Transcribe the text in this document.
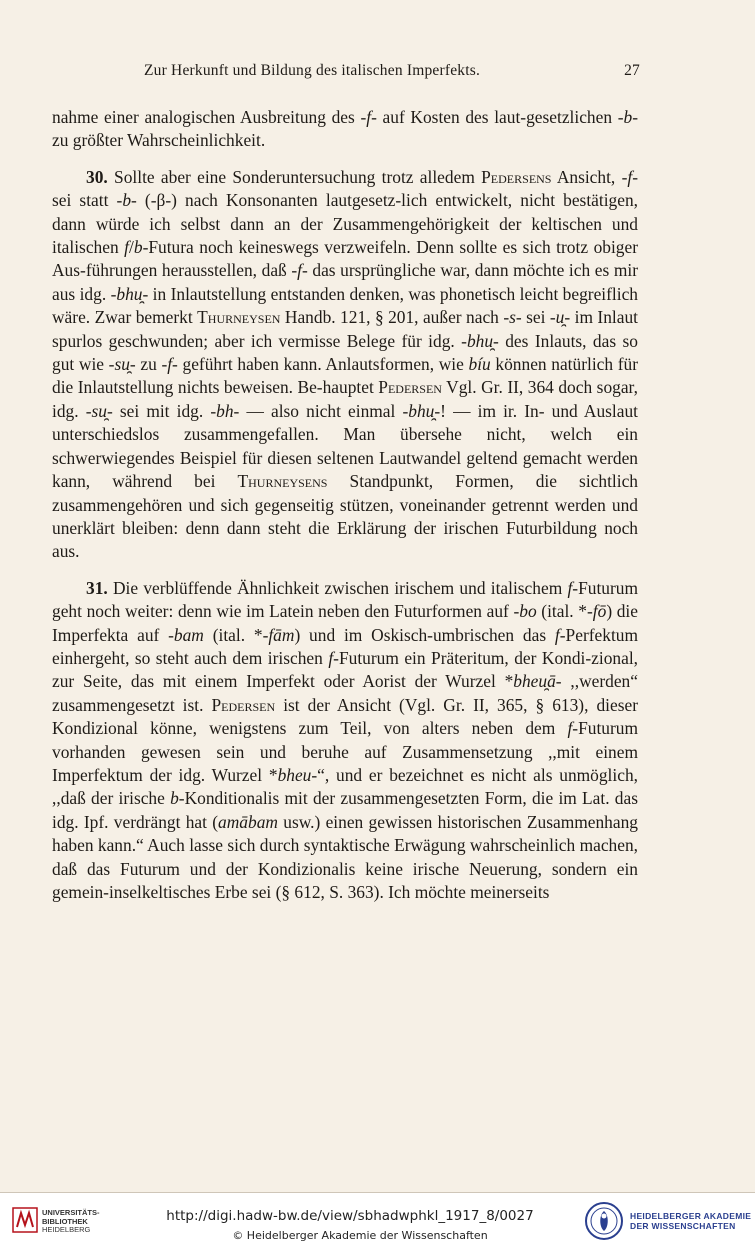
Zur Herkunft und Bildung des italischen Imperfekts.	27

nahme einer analogischen Ausbreitung des -f- auf Kosten des laut-gesetzlichen -b- zu größter Wahrscheinlichkeit.

30. Sollte aber eine Sonderuntersuchung trotz alledem Pedersens Ansicht, -f- sei statt -b- (-β-) nach Konsonanten lautgesetz-lich entwickelt, nicht bestätigen, dann würde ich selbst dann an der Zusammengehörigkeit der keltischen und italischen f/b-Futura noch keineswegs verzweifeln. Denn sollte es sich trotz obiger Aus-führungen herausstellen, daß -f- das ursprüngliche war, dann möchte ich es mir aus idg. -bhu̯- in Inlautstellung entstanden denken, was phonetisch leicht begreiflich wäre. Zwar bemerkt Thurneysen Handb. 121, § 201, außer nach -s- sei -u̯- im Inlaut spurlos geschwunden; aber ich vermisse Belege für idg. -bhu̯- des Inlauts, das so gut wie -su̯- zu -f- geführt haben kann. Anlautsformen, wie bíu können natürlich für die Inlautstellung nichts beweisen. Be-hauptet Pedersen Vgl. Gr. II, 364 doch sogar, idg. -su̯- sei mit idg. -bh- — also nicht einmal -bhu̯-! — im ir. In- und Auslaut unterschiedslos zusammengefallen. Man übersehe nicht, welch ein schwerwiegendes Beispiel für diesen seltenen Lautwandel geltend gemacht werden kann, während bei Thurneysens Standpunkt, Formen, die sichtlich zusammengehören und sich gegenseitig stützen, voneinander getrennt werden und unerklärt bleiben: denn dann steht die Erklärung der irischen Futurbildung noch aus.

31. Die verblüffende Ähnlichkeit zwischen irischem und italischem f-Futurum geht noch weiter: denn wie im Latein neben den Futurformen auf -bo (ital. *-fō) die Imperfekta auf -bam (ital. *-fām) und im Oskisch-umbrischen das f-Perfektum einhergeht, so steht auch dem irischen f-Futurum ein Präteritum, der Kondi-zional, zur Seite, das mit einem Imperfekt oder Aorist der Wurzel *bheu̯ā- ,,werden“ zusammengesetzt ist. Pedersen ist der Ansicht (Vgl. Gr. II, 365, § 613), dieser Kondizional könne, wenigstens zum Teil, von alters neben dem f-Futurum vorhanden gewesen sein und beruhe auf Zusammensetzung ,,mit einem Imperfektum der idg. Wurzel *bheu-“, und er bezeichnet es nicht als unmöglich, ,,daß der irische b-Konditionalis mit der zusammengesetzten Form, die im Lat. das idg. Ipf. verdrängt hat (amābam usw.) einen gewissen historischen Zusammenhang haben kann.“ Auch lasse sich durch syntaktische Erwägung wahrscheinlich machen, daß das Futurum und der Kondizionalis keine irische Neuerung, sondern ein gemein-inselkeltisches Erbe sei (§ 612, S. 363). Ich möchte meinerseits

UNIVERSITÄTS-
BIBLIOTHEK
HEIDELBERG
http://digi.hadw-bw.de/view/sbhadwphkl_1917_8/0027
© Heidelberger Akademie der Wissenschaften
HEIDELBERGER AKADEMIE
DER WISSENSCHAFTEN
